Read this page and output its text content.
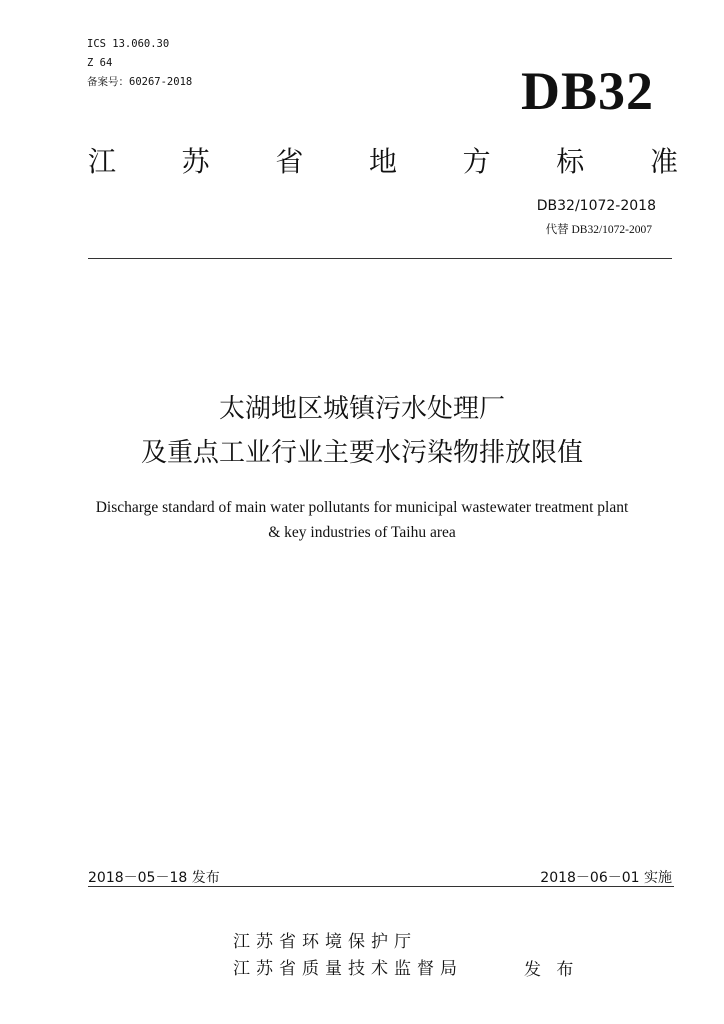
ICS 13.060.30
Z 64
备案号：60267-2018	DB32
江 苏 省 地 方 标 准
DB32/1072-2018
代替 DB32/1072-2007
太湖地区城镇污水处理厂
及重点工业行业主要水污染物排放限值
Discharge standard of main water pollutants for municipal wastewater treatment plant
& key industries of Taihu area
2018－05－18 发布	2018－06－01 实施
江苏省环境保护厅
江苏省质量技术监督局	发 布
